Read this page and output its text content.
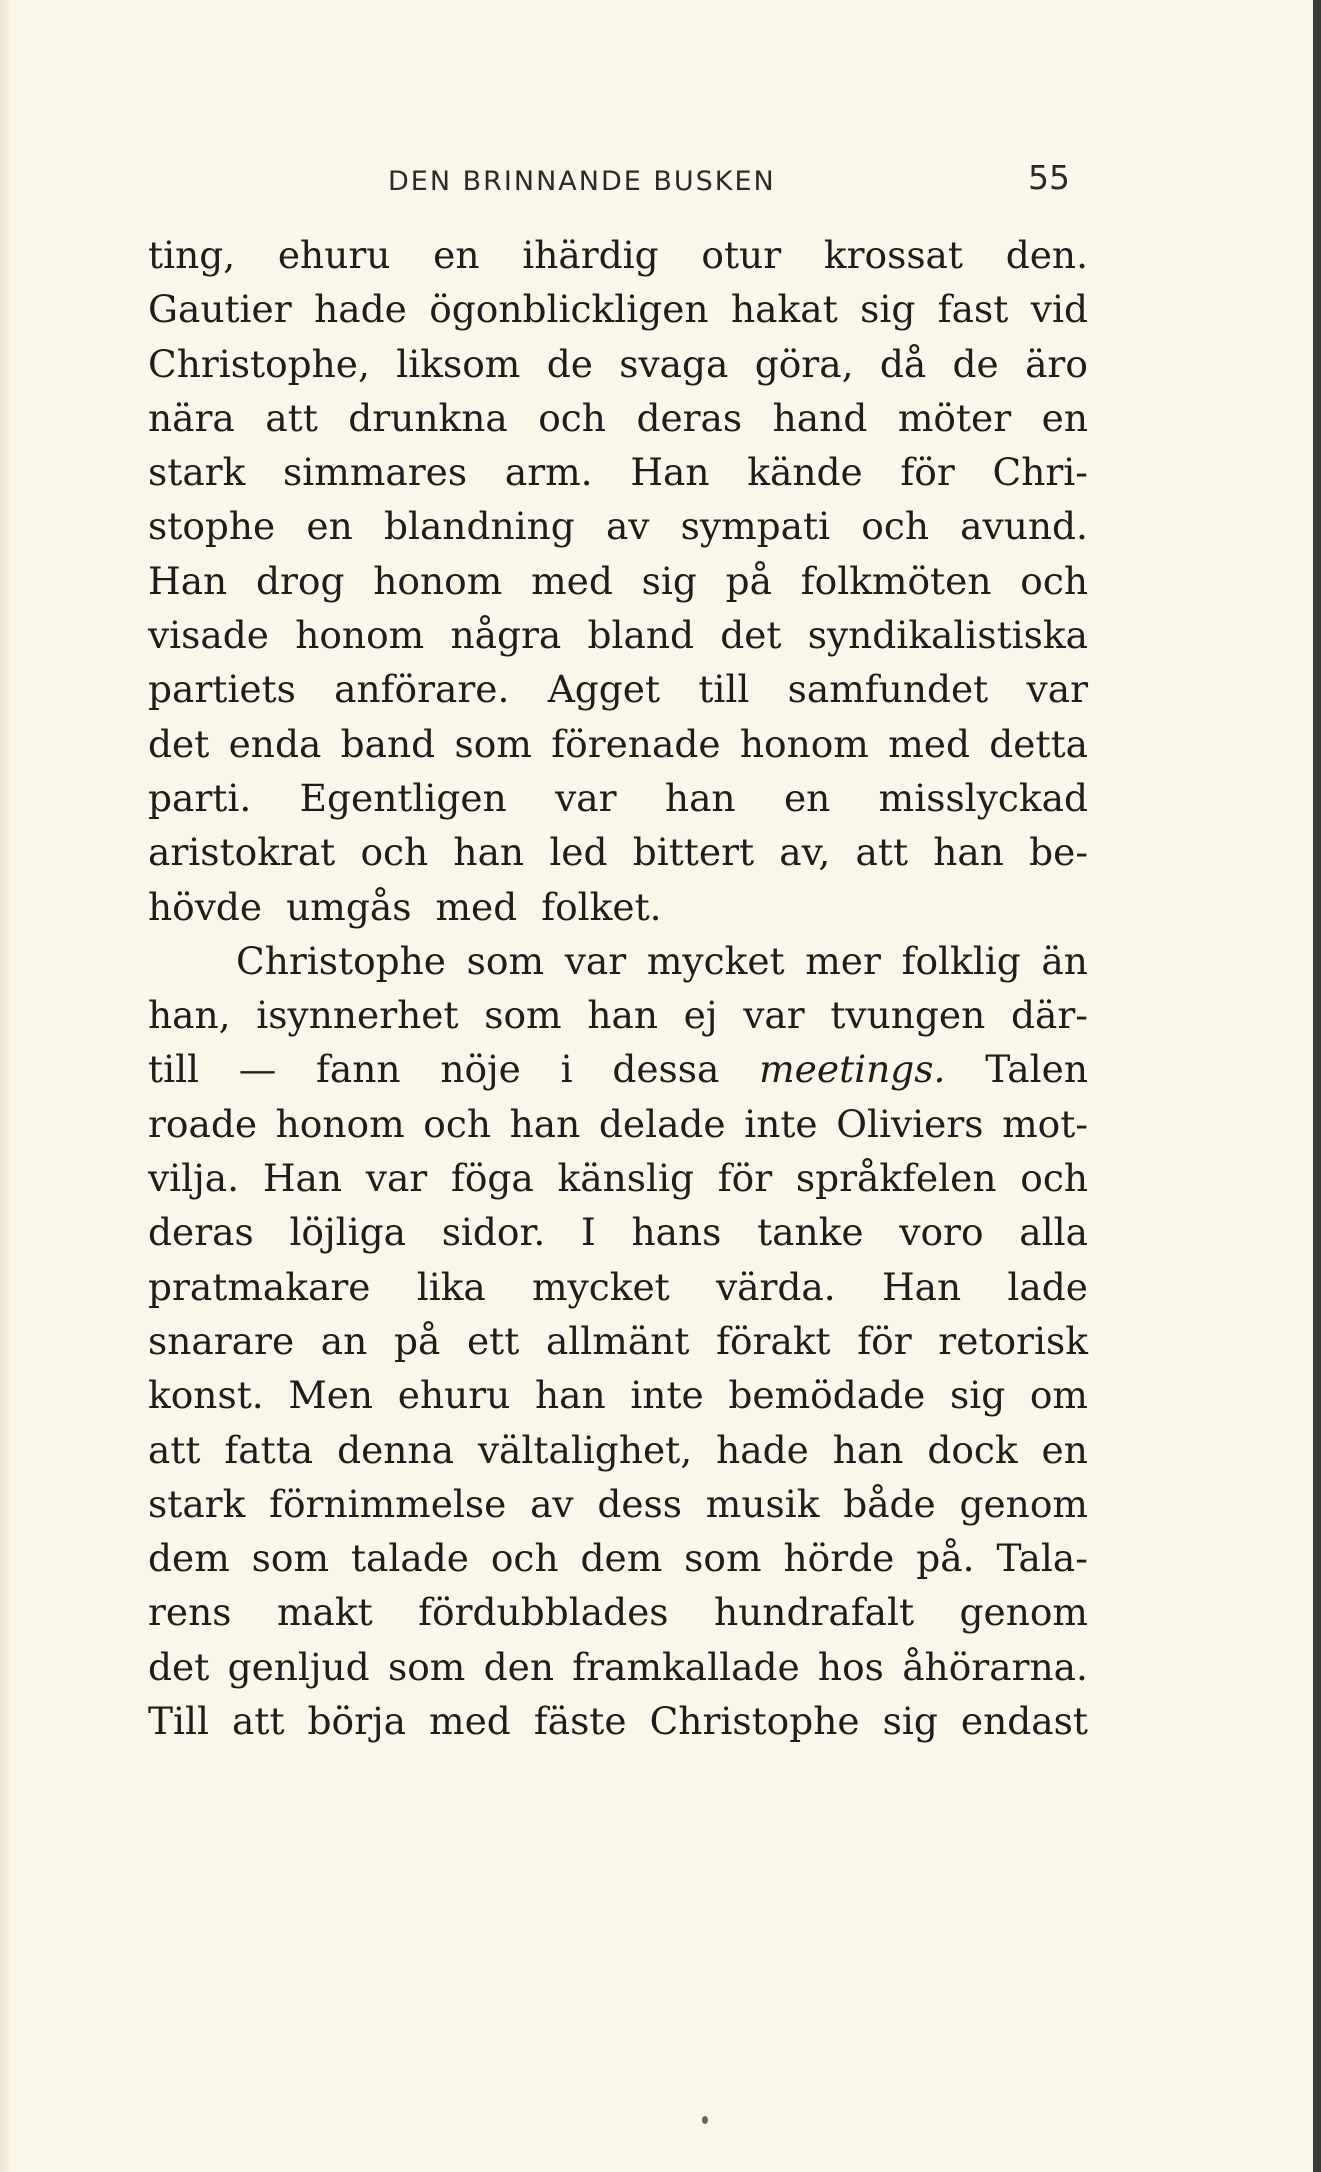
DEN BRINNANDE BUSKEN	55
ting, ehuru en ihärdig otur krossat den.
Gautier hade ögonblickligen hakat sig fast vid
Christophe, liksom de svaga göra, då de äro
nära att drunkna och deras hand möter en
stark simmares arm. Han kände för Chri-
stophe en blandning av sympati och avund.
Han drog honom med sig på folkmöten och
visade honom några bland det syndikalistiska
partiets anförare. Agget till samfundet var
det enda band som förenade honom med detta
parti. Egentligen var han en misslyckad
aristokrat och han led bittert av, att han be-
hövde umgås med folket.
Christophe som var mycket mer folklig än
han, isynnerhet som han ej var tvungen där-
till — fann nöje i dessa meetings. Talen
roade honom och han delade inte Oliviers mot-
vilja. Han var föga känslig för språkfelen och
deras löjliga sidor. I hans tanke voro alla
pratmakare lika mycket värda. Han lade
snarare an på ett allmänt förakt för retorisk
konst. Men ehuru han inte bemödade sig om
att fatta denna vältalighet, hade han dock en
stark förnimmelse av dess musik både genom
dem som talade och dem som hörde på. Tala-
rens makt fördubblades hundrafalt genom
det genljud som den framkallade hos åhörarna.
Till att börja med fäste Christophe sig endast
